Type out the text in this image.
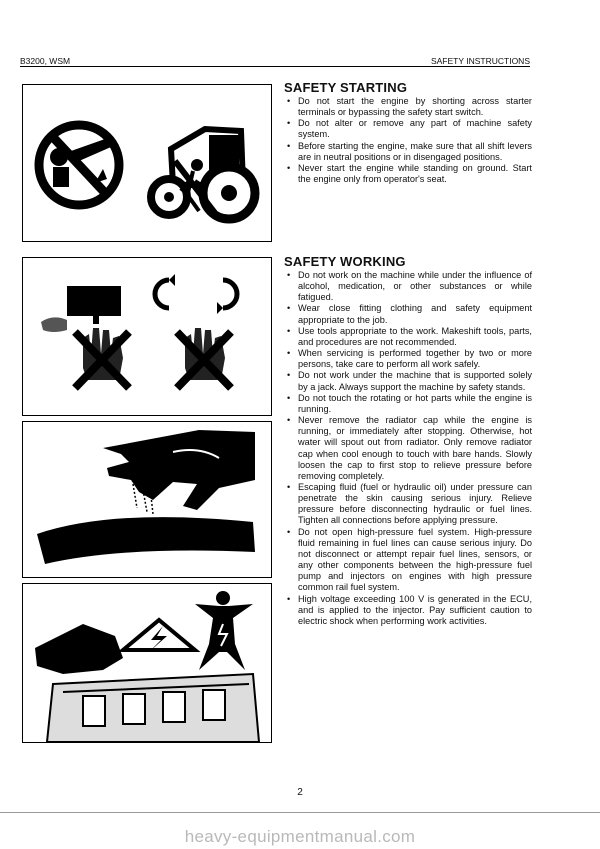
B3200, WSM	SAFETY INSTRUCTIONS
SAFETY STARTING
• Do not start the engine by shorting across starter terminals or bypassing the safety start switch.
• Do not alter or remove any part of machine safety system.
• Before starting the engine, make sure that all shift levers are in neutral positions or in disengaged positions.
• Never start the engine while standing on ground. Start the engine only from operator's seat.
SAFETY WORKING
• Do not work on the machine while under the influence of alcohol, medication, or other substances or while fatigued.
• Wear close fitting clothing and safety equipment appropriate to the job.
• Use tools appropriate to the work. Makeshift tools, parts, and procedures are not recommended.
• When servicing is performed together by two or more persons, take care to perform all work safely.
• Do not work under the machine that is supported solely by a jack. Always support the machine by safety stands.
• Do not touch the rotating or hot parts while the engine is running.
• Never remove the radiator cap while the engine is running, or immediately after stopping. Otherwise, hot water will spout out from radiator. Only remove radiator cap when cool enough to touch with bare hands. Slowly loosen the cap to first stop to relieve pressure before removing completely.
• Escaping fluid (fuel or hydraulic oil) under pressure can penetrate the skin causing serious injury. Relieve pressure before disconnecting hydraulic or fuel lines. Tighten all connections before applying pressure.
• Do not open high-pressure fuel system. High-pressure fluid remaining in fuel lines can cause serious injury. Do not disconnect or attempt repair fuel lines, sensors, or any other components between the high-pressure fuel pump and injectors on engines with high pressure common rail fuel system.
• High voltage exceeding 100 V is generated in the ECU, and is applied to the injector. Pay sufficient caution to electric shock when performing work activities.
2
heavy-equipmentmanual.com
